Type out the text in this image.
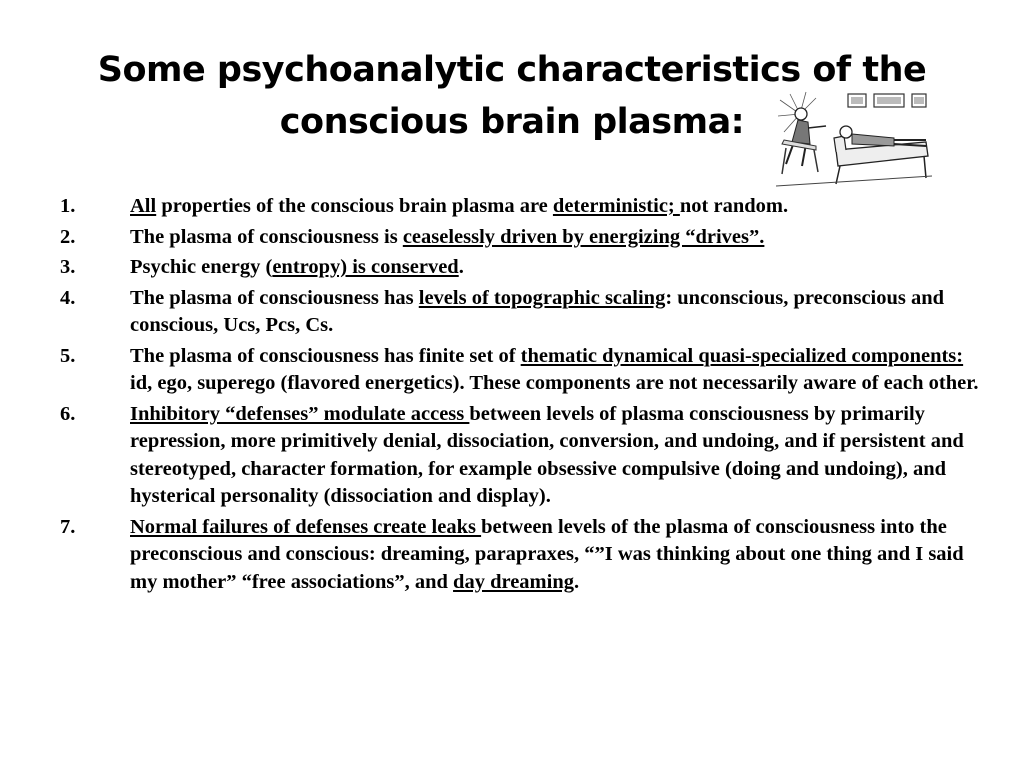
Some psychoanalytic characteristics of the
conscious brain plasma:
1.	All properties of the conscious brain plasma are deterministic; not random.
2.	The plasma of consciousness is ceaselessly driven by energizing “drives”.
3.	Psychic energy (entropy) is conserved.
4.	The plasma of consciousness has levels of topographic scaling: unconscious, preconscious and conscious, Ucs, Pcs, Cs.
5.	The plasma of consciousness has finite set of thematic dynamical quasi-specialized components: id, ego, superego (flavored energetics). These components are not necessarily aware of each other.
6.	Inhibitory “defenses” modulate access between levels of plasma consciousness by primarily repression, more primitively denial, dissociation, conversion, and undoing, and if persistent and stereotyped, character formation, for example obsessive compulsive (doing and undoing), and hysterical personality (dissociation and display).
7.	Normal failures of defenses create leaks between levels of the plasma of consciousness into the preconscious and conscious: dreaming, parapraxes, “”I was thinking about one thing and I said my mother” “free associations”, and day dreaming.
